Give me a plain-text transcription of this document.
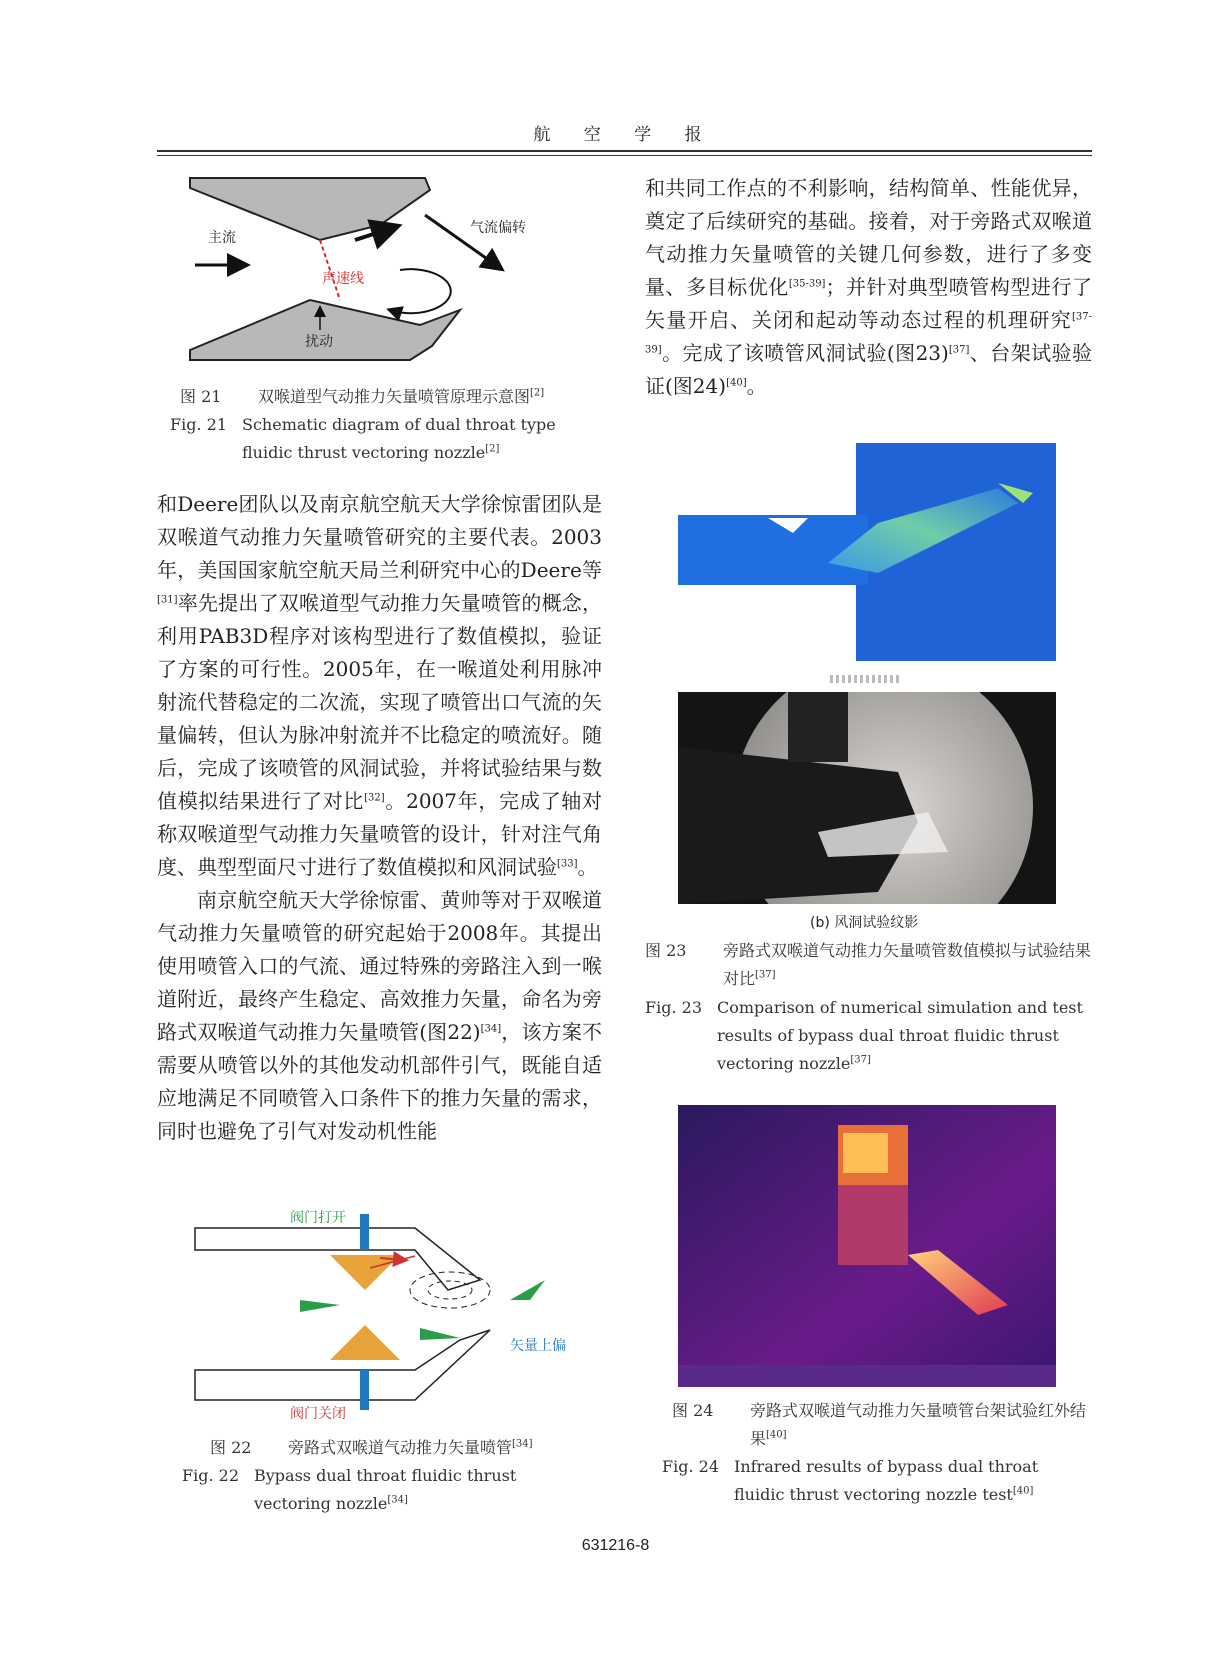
航 空 学 报
主流
气流偏转
声速线
扰动
图 21	双喉道型气动推力矢量喷管原理示意图[2]
Fig. 21 Schematic diagram of dual throat type fluidic thrust vectoring nozzle[2]

和Deere团队以及南京航空航天大学徐惊雷团队是双喉道气动推力矢量喷管研究的主要代表。2003年，美国国家航空航天局兰利研究中心的Deere等[31]率先提出了双喉道型气动推力矢量喷管的概念，利用PAB3D程序对该构型进行了数值模拟，验证了方案的可行性。2005年，在一喉道处利用脉冲射流代替稳定的二次流，实现了喷管出口气流的矢量偏转，但认为脉冲射流并不比稳定的喷流好。随后，完成了该喷管的风洞试验，并将试验结果与数值模拟结果进行了对比[32]。2007年，完成了轴对称双喉道型气动推力矢量喷管的设计，针对注气角度、典型型面尺寸进行了数值模拟和风洞试验[33]。

南京航空航天大学徐惊雷、黄帅等对于双喉道气动推力矢量喷管的研究起始于2008年。其提出使用喷管入口的气流、通过特殊的旁路注入到一喉道附近，最终产生稳定、高效推力矢量，命名为旁路式双喉道气动推力矢量喷管(图22)[34]，该方案不需要从喷管以外的其他发动机部件引气，既能自适应地满足不同喷管入口条件下的推力矢量的需求，同时也避免了引气对发动机性能

和共同工作点的不利影响，结构简单、性能优异，奠定了后续研究的基础。接着，对于旁路式双喉道气动推力矢量喷管的关键几何参数，进行了多变量、多目标优化[35-39]；并针对典型喷管构型进行了矢量开启、关闭和起动等动态过程的机理研究[37-39]。完成了该喷管风洞试验(图23)[37]、台架试验验证(图24)[40]。

阀门打开
阀门关闭
矢量上偏
图 22	旁路式双喉道气动推力矢量喷管[34]
Fig. 22 Bypass dual throat fluidic thrust vectoring nozzle[34]
(b) 风洞试验纹影
图 23	旁路式双喉道气动推力矢量喷管数值模拟与试验结果对比[37]
Fig. 23 Comparison of numerical simulation and test results of bypass dual throat fluidic thrust vectoring nozzle[37]
图 24	旁路式双喉道气动推力矢量喷管台架试验红外结果[40]
Fig. 24 Infrared results of bypass dual throat fluidic thrust vectoring nozzle test[40]
631216-8
